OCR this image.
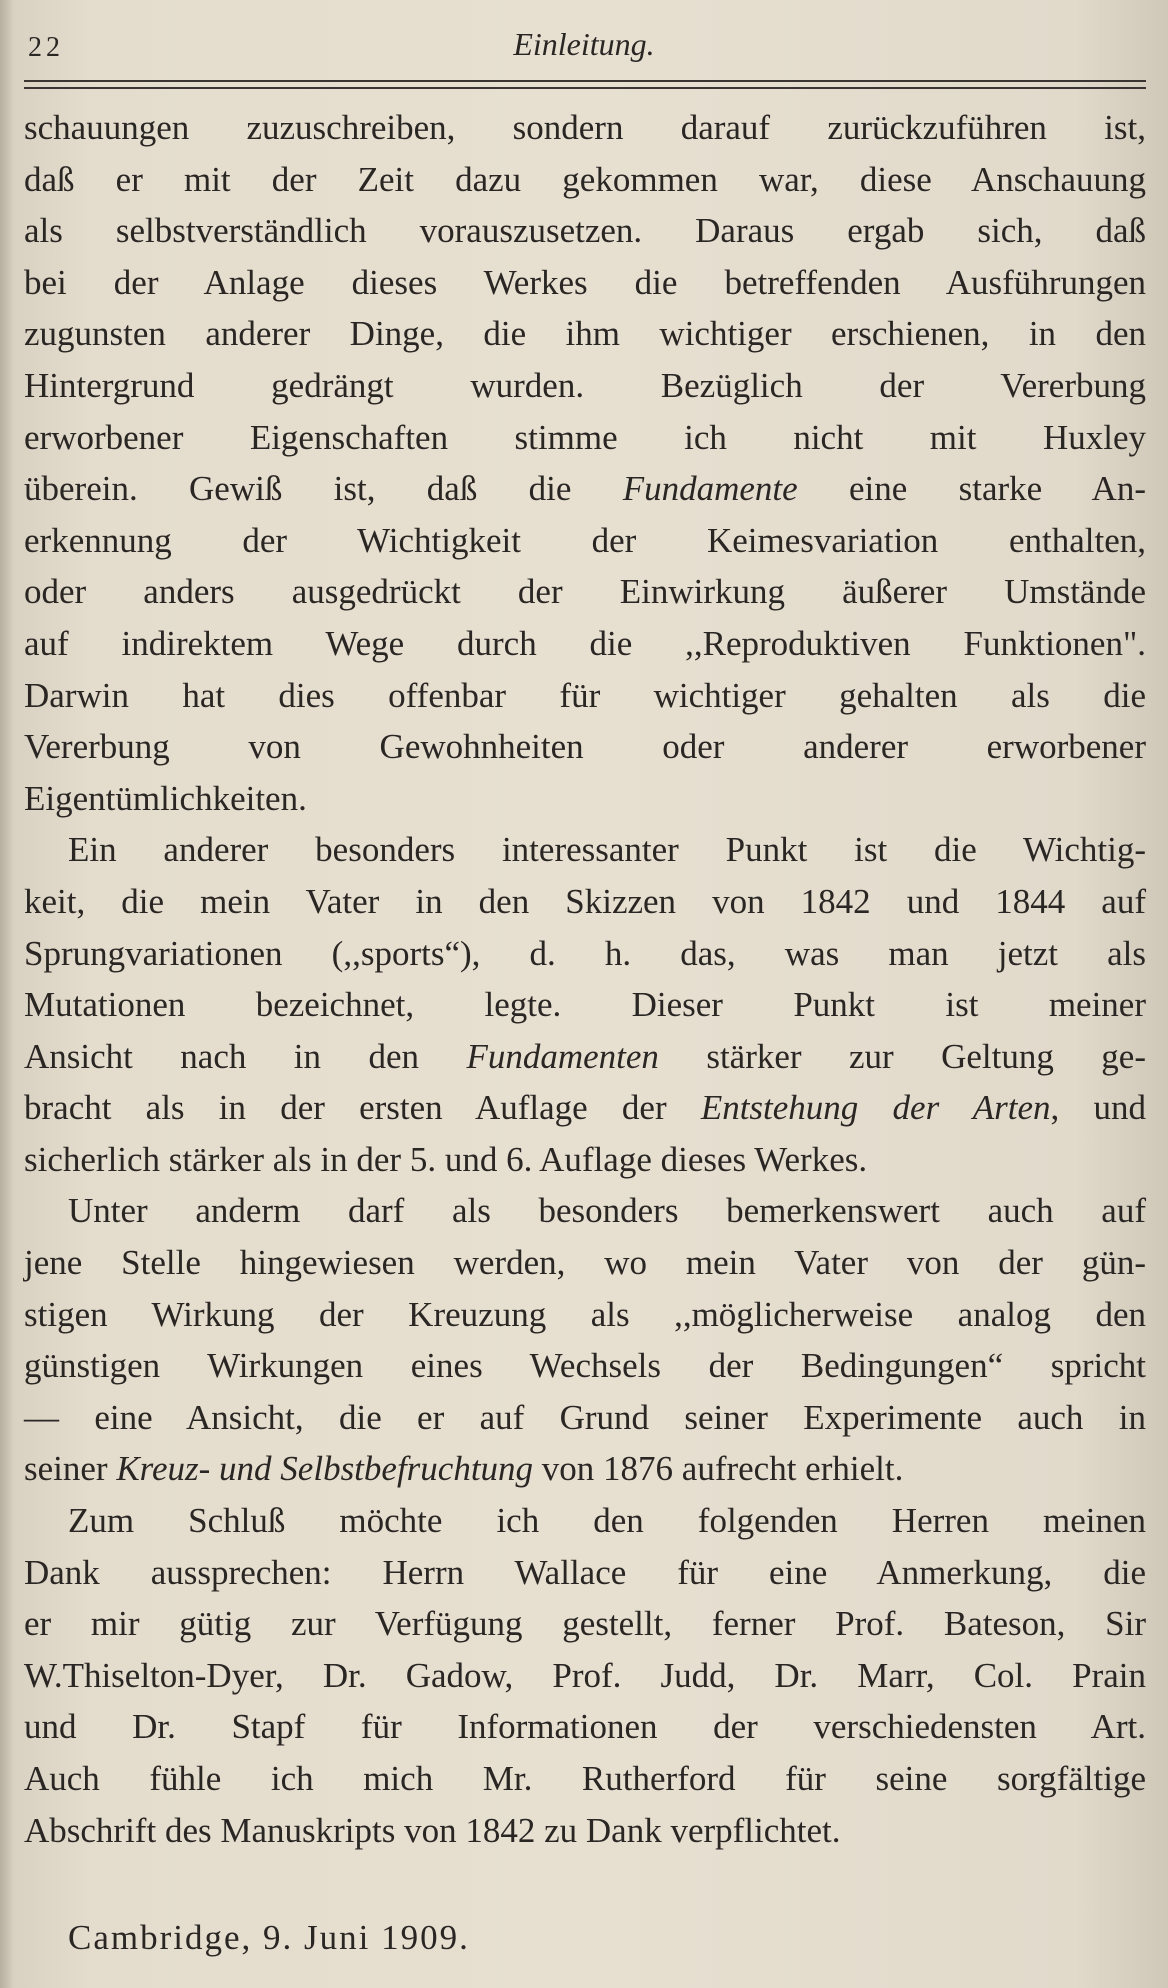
22	Einleitung.
schauungen zuzuschreiben, sondern darauf zurückzuführen ist,
daß er mit der Zeit dazu gekommen war, diese Anschauung
als selbstverständlich vorauszusetzen. Daraus ergab sich, daß
bei der Anlage dieses Werkes die betreffenden Ausführungen
zugunsten anderer Dinge, die ihm wichtiger erschienen, in den
Hintergrund gedrängt wurden. Bezüglich der Vererbung
erworbener Eigenschaften stimme ich nicht mit Huxley
überein. Gewiß ist, daß die Fundamente eine starke An-
erkennung der Wichtigkeit der Keimesvariation enthalten,
oder anders ausgedrückt der Einwirkung äußerer Umstände
auf indirektem Wege durch die ,,Reproduktiven Funktionen".
Darwin hat dies offenbar für wichtiger gehalten als die
Vererbung von Gewohnheiten oder anderer erworbener
Eigentümlichkeiten.
Ein anderer besonders interessanter Punkt ist die Wichtig-
keit, die mein Vater in den Skizzen von 1842 und 1844 auf
Sprungvariationen (,,sports“), d. h. das, was man jetzt als
Mutationen bezeichnet, legte. Dieser Punkt ist meiner
Ansicht nach in den Fundamenten stärker zur Geltung ge-
bracht als in der ersten Auflage der Entstehung der Arten, und
sicherlich stärker als in der 5. und 6. Auflage dieses Werkes.
Unter anderm darf als besonders bemerkenswert auch auf
jene Stelle hingewiesen werden, wo mein Vater von der gün-
stigen Wirkung der Kreuzung als ,,möglicherweise analog den
günstigen Wirkungen eines Wechsels der Bedingungen“ spricht
— eine Ansicht, die er auf Grund seiner Experimente auch in
seiner Kreuz- und Selbstbefruchtung von 1876 aufrecht erhielt.
Zum Schluß möchte ich den folgenden Herren meinen
Dank aussprechen: Herrn Wallace für eine Anmerkung, die
er mir gütig zur Verfügung gestellt, ferner Prof. Bateson, Sir
W.Thiselton-Dyer, Dr. Gadow, Prof. Judd, Dr. Marr, Col. Prain
und Dr. Stapf für Informationen der verschiedensten Art.
Auch fühle ich mich Mr. Rutherford für seine sorgfältige
Abschrift des Manuskripts von 1842 zu Dank verpflichtet.
Cambridge, 9. Juni 1909.
